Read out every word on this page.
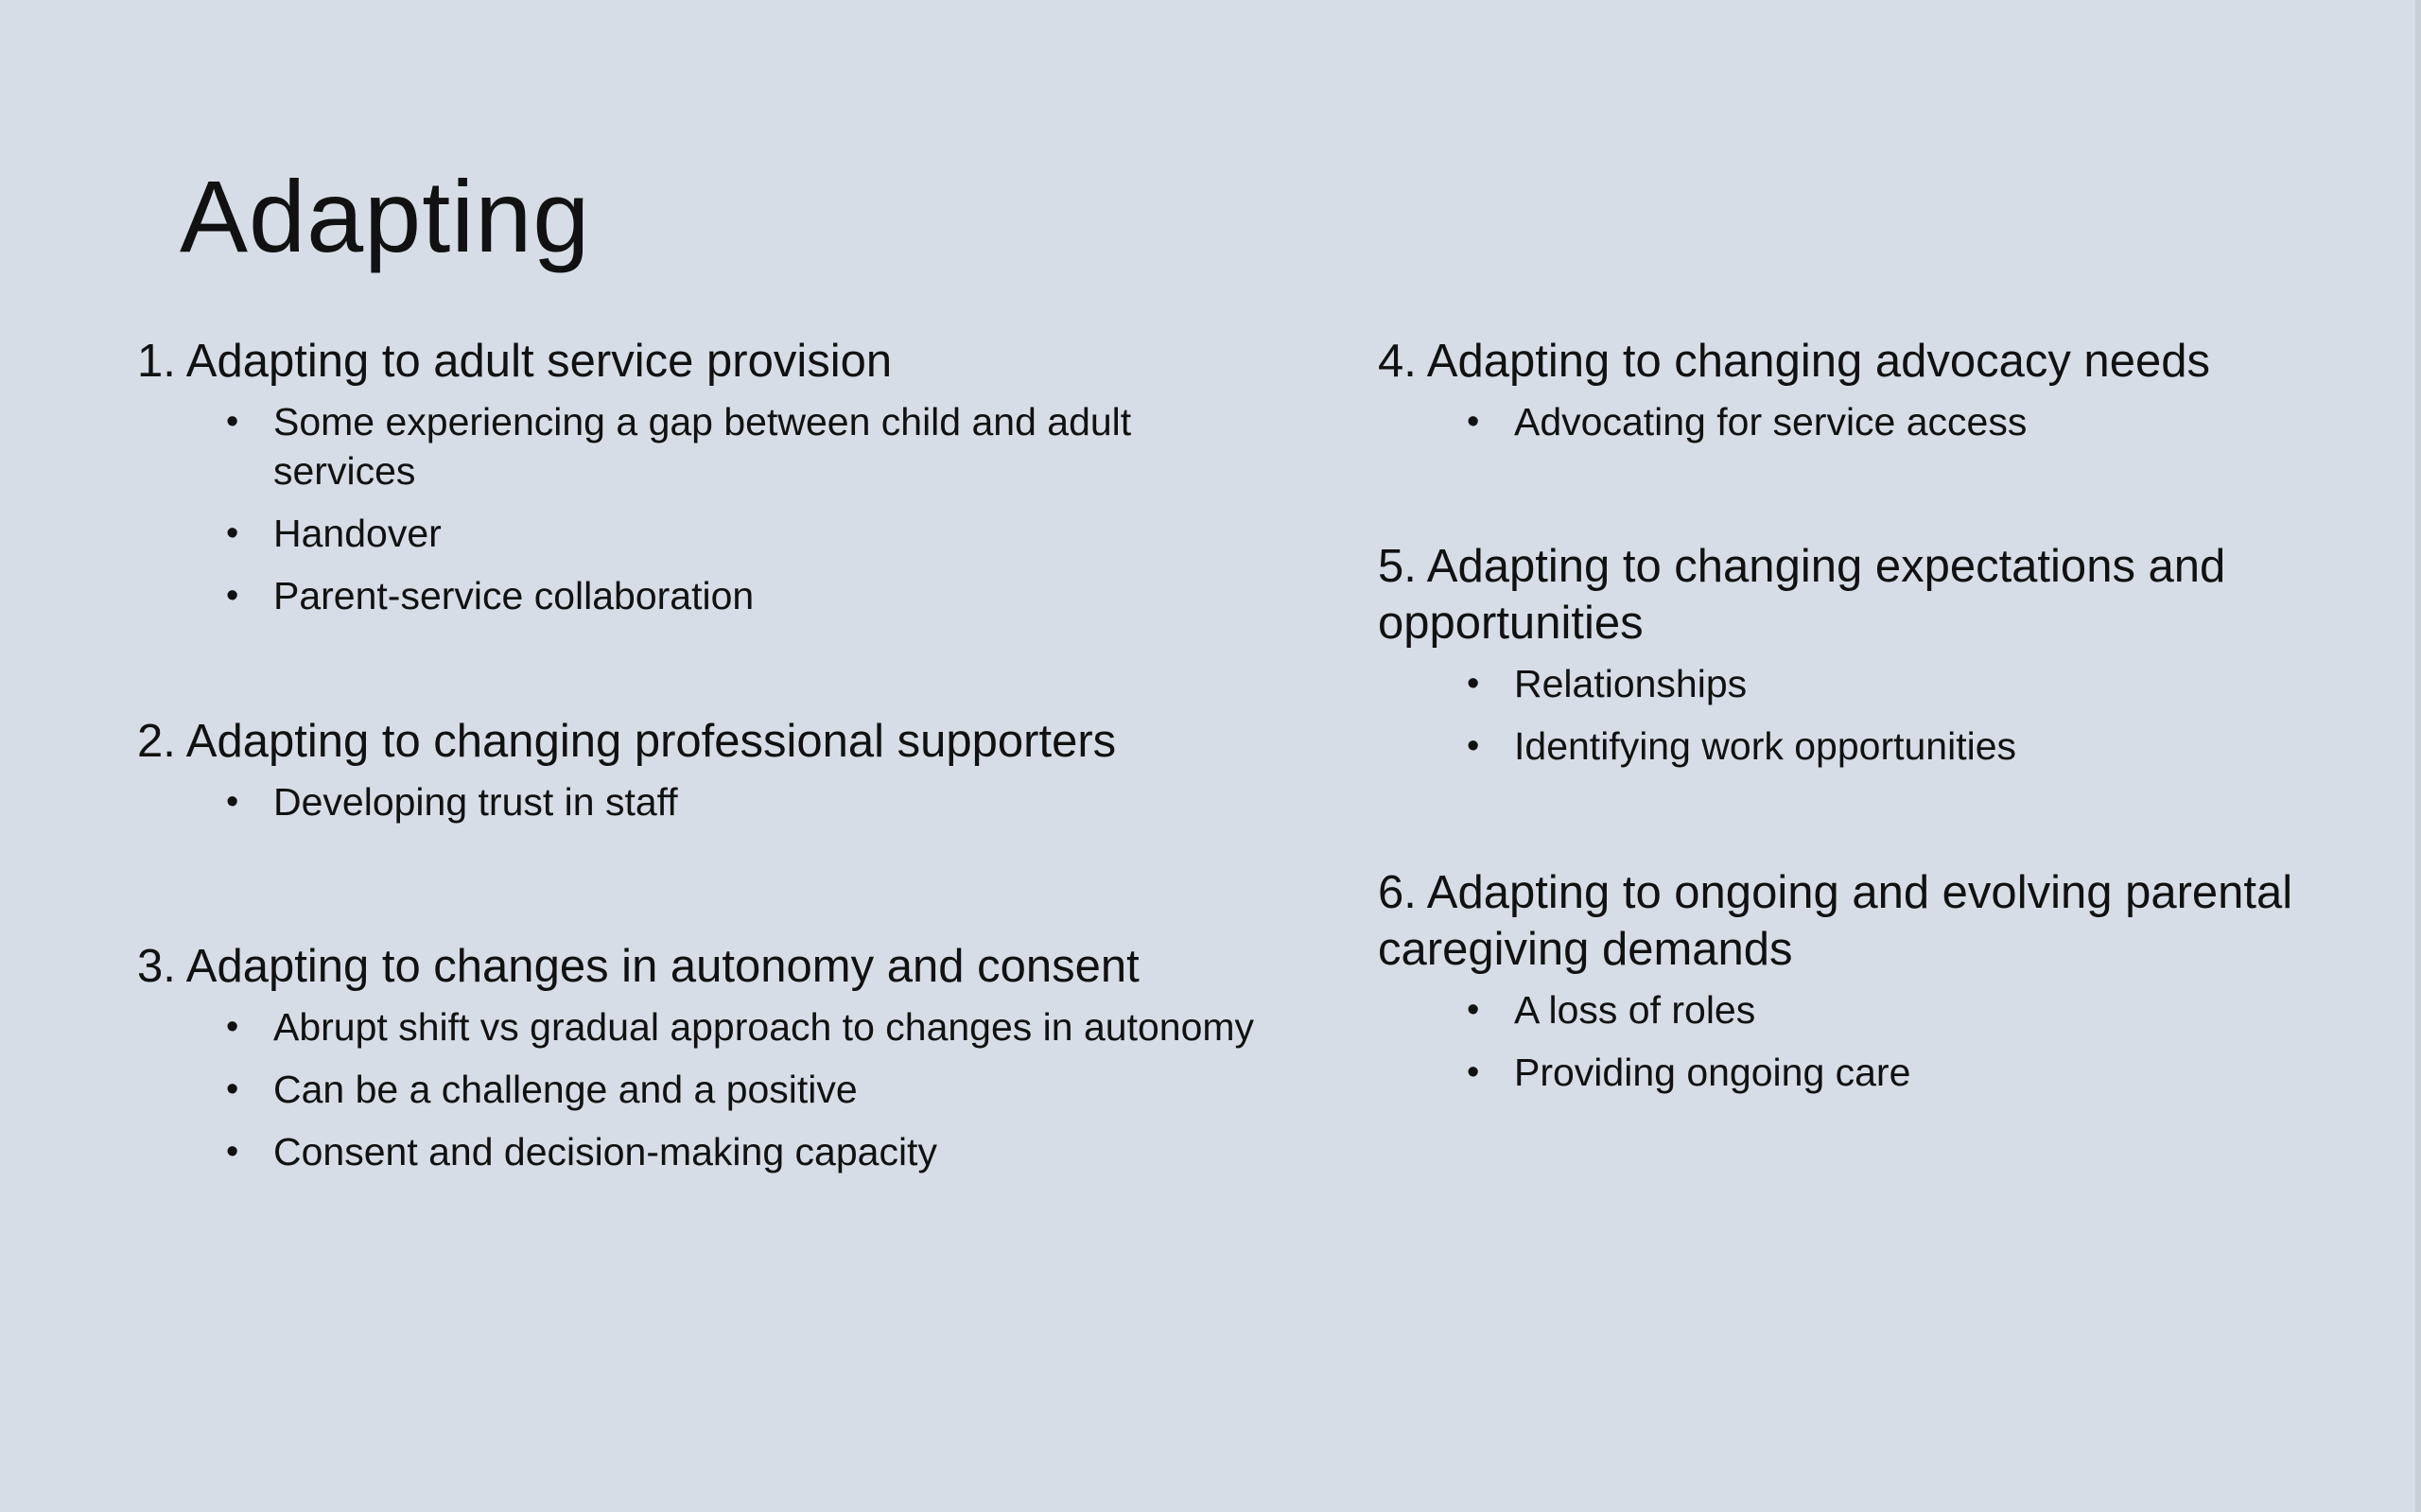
Adapting
1. Adapting to adult service provision
• Some experiencing a gap between child and adult services
• Handover
• Parent-service collaboration
2. Adapting to changing professional supporters
• Developing trust in staff
3. Adapting to changes in autonomy and consent
• Abrupt shift vs gradual approach to changes in autonomy
• Can be a challenge and a positive
• Consent and decision-making capacity
4. Adapting to changing advocacy needs
• Advocating for service access
5. Adapting to changing expectations and opportunities
• Relationships
• Identifying work opportunities
6. Adapting to ongoing and evolving parental caregiving demands
• A loss of roles
• Providing ongoing care
